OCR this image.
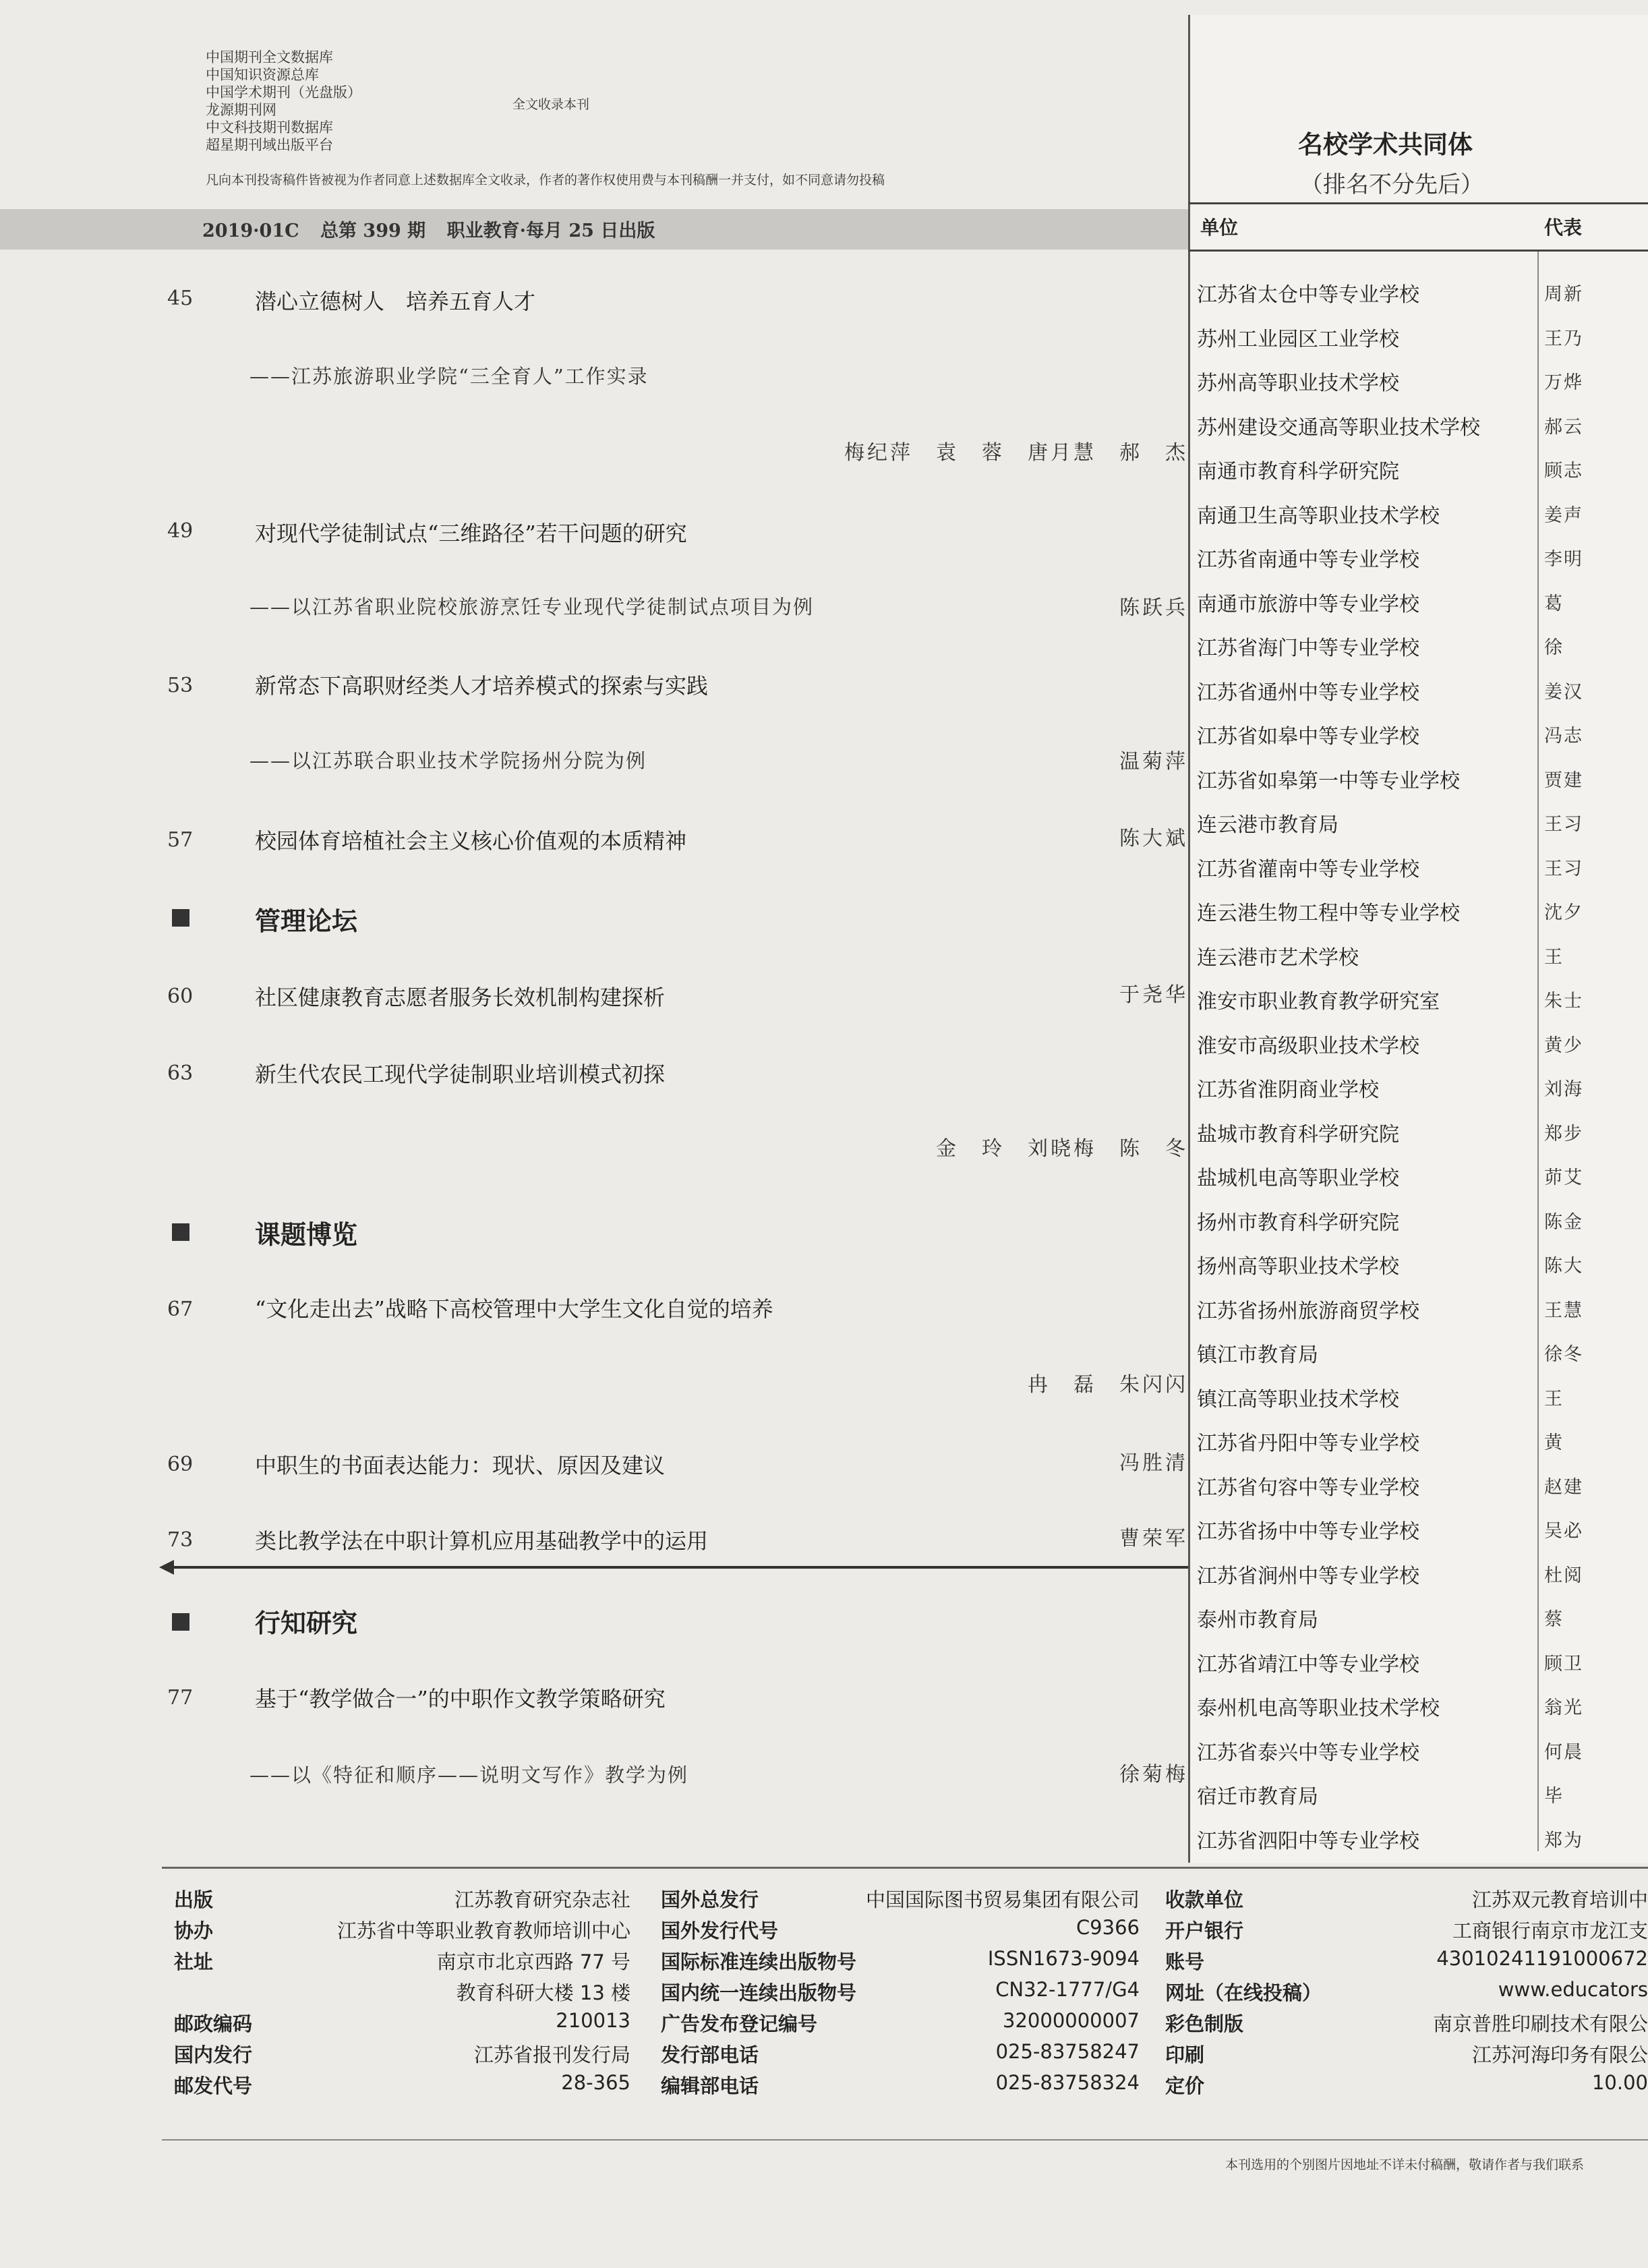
中国期刊全文数据库
中国知识资源总库
中国学术期刊（光盘版）
龙源期刊网
中文科技期刊数据库
超星期刊域出版平台
全文收录本刊
凡向本刊投寄稿件皆被视为作者同意上述数据库全文收录，作者的著作权使用费与本刊稿酬一并支付，如不同意请勿投稿
2019·01C 总第 399 期 职业教育·每月 25 日出版
45	潜心立德树人　培养五育人才
——江苏旅游职业学院“三全育人”工作实录
梅纪萍　袁　蓉　唐月慧　郝　杰
49	对现代学徒制试点“三维路径”若干问题的研究
——以江苏省职业院校旅游烹饪专业现代学徒制试点项目为例	陈跃兵
53	新常态下高职财经类人才培养模式的探索与实践
——以江苏联合职业技术学院扬州分院为例	温菊萍
57	校园体育培植社会主义核心价值观的本质精神	陈大斌
管理论坛
60	社区健康教育志愿者服务长效机制构建探析	于尧华
63	新生代农民工现代学徒制职业培训模式初探
金　玲　刘晓梅　陈　冬
课题博览
67	“文化走出去”战略下高校管理中大学生文化自觉的培养
冉　磊　朱闪闪
69	中职生的书面表达能力：现状、原因及建议	冯胜清
73	类比教学法在中职计算机应用基础教学中的运用	曹荣军
行知研究
77	基于“教学做合一”的中职作文教学策略研究
——以《特征和顺序——说明文写作》教学为例	徐菊梅
名校学术共同体
（排名不分先后）
单位	代表
江苏省太仓中等专业学校	周新
苏州工业园区工业学校	王乃
苏州高等职业技术学校	万烨
苏州建设交通高等职业技术学校	郝云
南通市教育科学研究院	顾志
南通卫生高等职业技术学校	姜声
江苏省南通中等专业学校	李明
南通市旅游中等专业学校	葛
江苏省海门中等专业学校	徐
江苏省通州中等专业学校	姜汉
江苏省如皋中等专业学校	冯志
江苏省如皋第一中等专业学校	贾建
连云港市教育局	王习
江苏省灌南中等专业学校	王习
连云港生物工程中等专业学校	沈夕
连云港市艺术学校	王
淮安市职业教育教学研究室	朱士
淮安市高级职业技术学校	黄少
江苏省淮阴商业学校	刘海
盐城市教育科学研究院	郑步
盐城机电高等职业学校	茆艾
扬州市教育科学研究院	陈金
扬州高等职业技术学校	陈大
江苏省扬州旅游商贸学校	王慧
镇江市教育局	徐冬
镇江高等职业技术学校	王
江苏省丹阳中等专业学校	黄
江苏省句容中等专业学校	赵建
江苏省扬中中等专业学校	吴必
江苏省涧州中等专业学校	杜阅
泰州市教育局	蔡
江苏省靖江中等专业学校	顾卫
泰州机电高等职业技术学校	翁光
江苏省泰兴中等专业学校	何晨
宿迁市教育局	毕
江苏省泗阳中等专业学校	郑为
出版	江苏教育研究杂志社
协办	江苏省中等职业教育教师培训中心
社址	南京市北京西路 77 号
教育科研大楼 13 楼
邮政编码	210013
国内发行	江苏省报刊发行局
邮发代号	28-365
国外总发行	中国国际图书贸易集团有限公司
国外发行代号	C9366
国际标准连续出版物号	ISSN1673-9094
国内统一连续出版物号	CN32-1777/G4
广告发布登记编号	32000000007
发行部电话	025-83758247
编辑部电话	025-83758324
收款单位	江苏双元教育培训中
开户银行	工商银行南京市龙江支
账号	43010241191000672
网址（在线投稿）	www.educators
彩色制版	南京普胜印刷技术有限公
印刷	江苏河海印务有限公
定价	10.00
本刊选用的个别图片因地址不详未付稿酬，敬请作者与我们联系
